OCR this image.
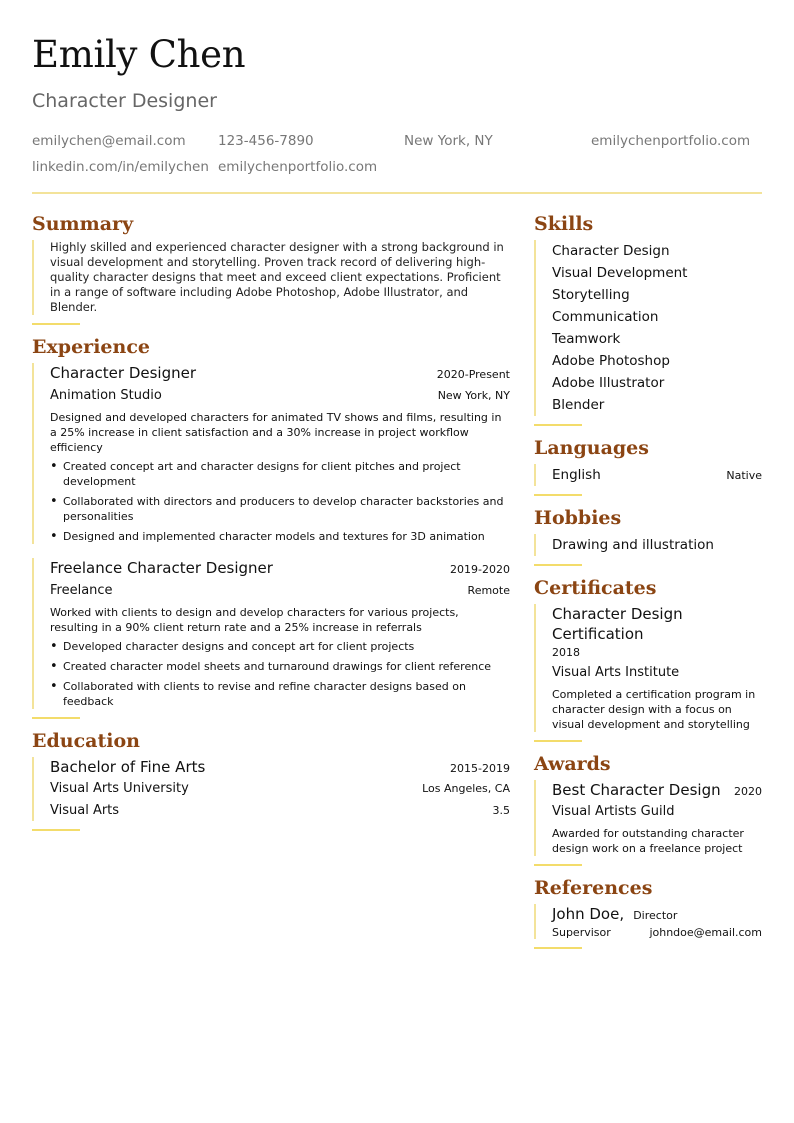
Emily Chen
Character Designer
emilychen@email.com	123-456-7890	New York, NY	emilychenportfolio.com
linkedin.com/in/emilychen emilychenportfolio.com
Summary
Highly skilled and experienced character designer with a strong background in visual development and storytelling. Proven track record of delivering high-quality character designs that meet and exceed client expectations. Proficient in a range of software including Adobe Photoshop, Adobe Illustrator, and Blender.
Experience
Character Designer	2020-Present
Animation Studio	New York, NY
Designed and developed characters for animated TV shows and films, resulting in a 25% increase in client satisfaction and a 30% increase in project workflow efficiency
• Created concept art and character designs for client pitches and project development
• Collaborated with directors and producers to develop character backstories and personalities
• Designed and implemented character models and textures for 3D animation
Freelance Character Designer	2019-2020
Freelance	Remote
Worked with clients to design and develop characters for various projects, resulting in a 90% client return rate and a 25% increase in referrals
• Developed character designs and concept art for client projects
• Created character model sheets and turnaround drawings for client reference
• Collaborated with clients to revise and refine character designs based on feedback
Education
Bachelor of Fine Arts	2015-2019
Visual Arts University	Los Angeles, CA
Visual Arts	3.5
Skills
Character Design
Visual Development
Storytelling
Communication
Teamwork
Adobe Photoshop
Adobe Illustrator
Blender
Languages
English	Native
Hobbies
Drawing and illustration
Certificates
Character Design Certification
2018
Visual Arts Institute
Completed a certification program in character design with a focus on visual development and storytelling
Awards
Best Character Design 2020
Visual Artists Guild
Awarded for outstanding character design work on a freelance project
References
John Doe, Director
Supervisor	johndoe@email.com
